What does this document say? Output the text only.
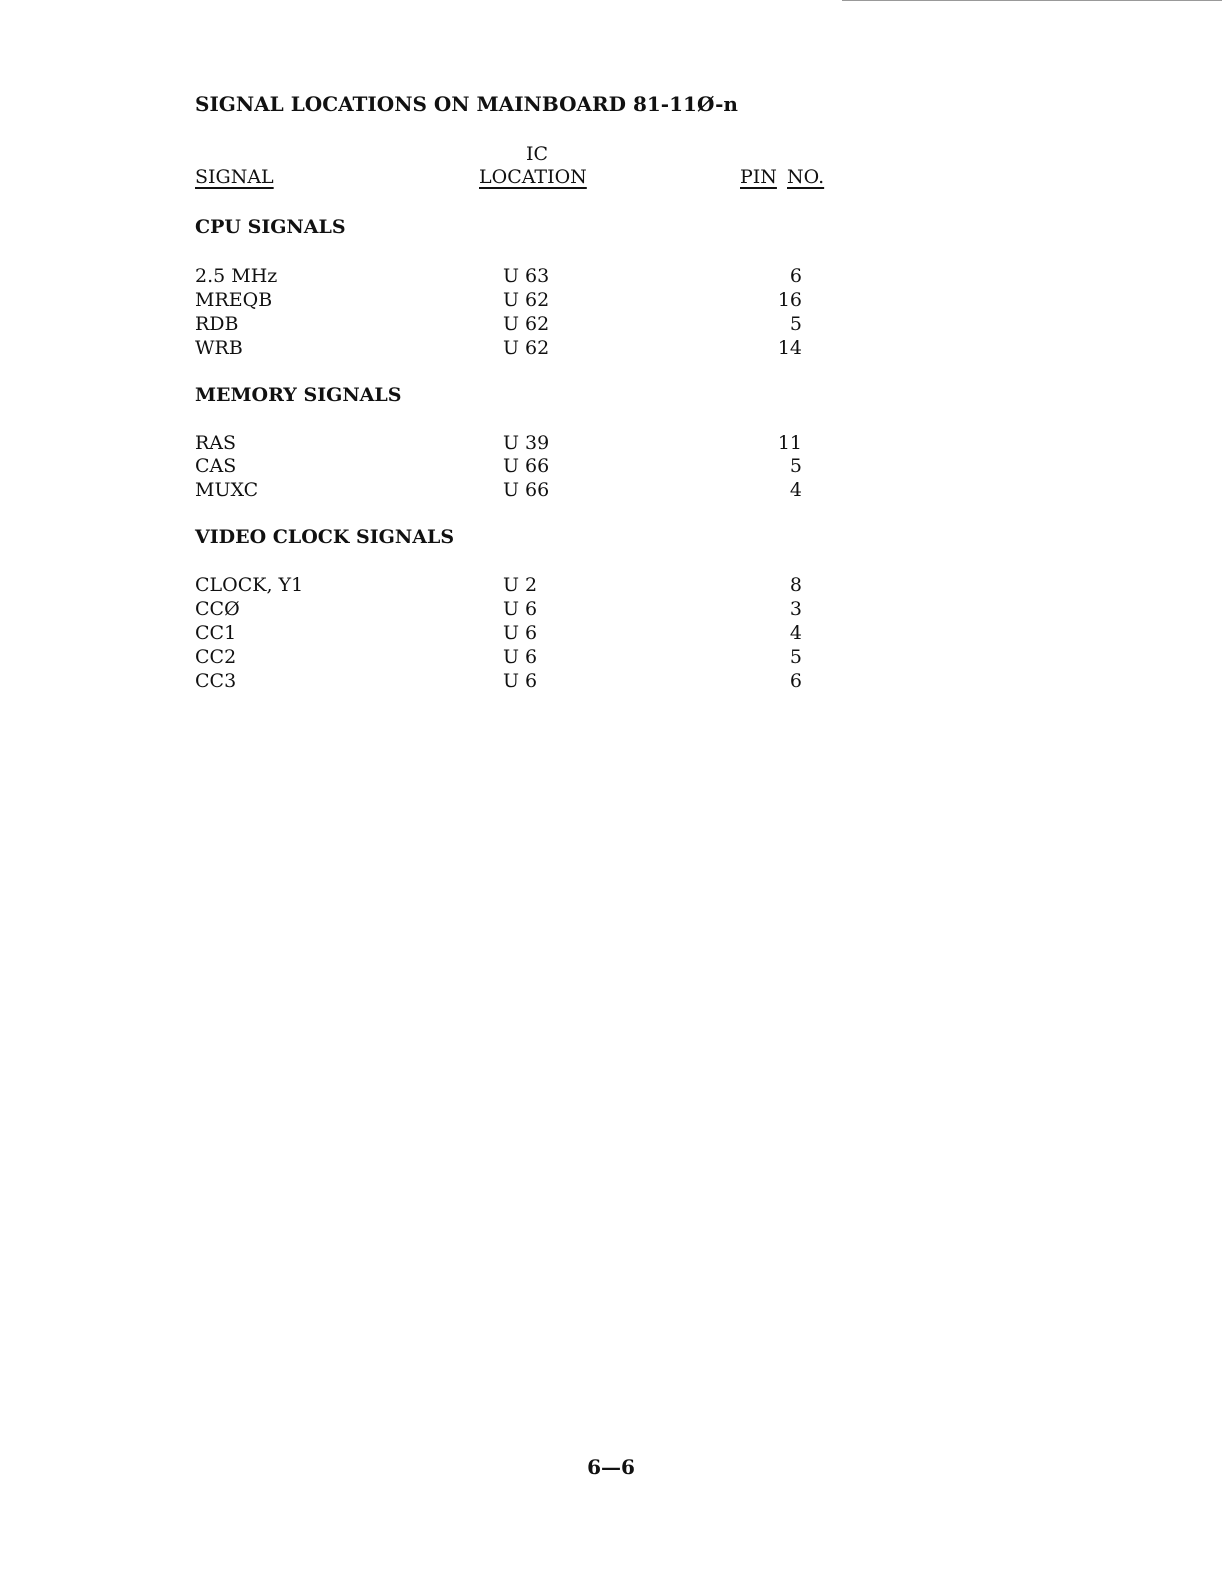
SIGNAL LOCATIONS ON MAINBOARD 81-11Ø-n
SIGNAL
IC
LOCATION	PIN NO.
CPU SIGNALS
2.5 MHz	U 63	6
MREQB	U 62	16
RDB	U 62	5
WRB	U 62	14
MEMORY SIGNALS
RAS	U 39	11
CAS	U 66	5
MUXC	U 66	4
VIDEO CLOCK SIGNALS
CLOCK, Y1	U 2	8
CCØ	U 6	3
CC1	U 6	4
CC2	U 6	5
CC3	U 6	6
6—6
